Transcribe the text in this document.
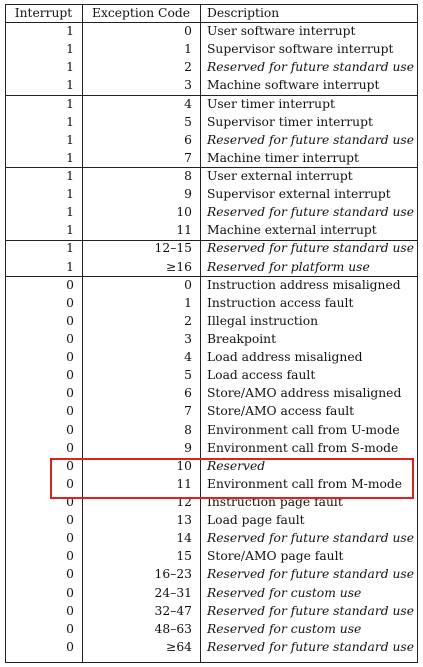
Interrupt	Exception Code	Description
1	0	User software interrupt
1	1	Supervisor software interrupt
1	2	Reserved for future standard use
1	3	Machine software interrupt
1	4	User timer interrupt
1	5	Supervisor timer interrupt
1	6	Reserved for future standard use
1	7	Machine timer interrupt
1	8	User external interrupt
1	9	Supervisor external interrupt
1	10	Reserved for future standard use
1	11	Machine external interrupt
1	12–15	Reserved for future standard use
1	≥16	Reserved for platform use
0	0	Instruction address misaligned
0	1	Instruction access fault
0	2	Illegal instruction
0	3	Breakpoint
0	4	Load address misaligned
0	5	Load access fault
0	6	Store/AMO address misaligned
0	7	Store/AMO access fault
0	8	Environment call from U-mode
0	9	Environment call from S-mode
0	10	Reserved
0	11	Environment call from M-mode
0	12	Instruction page fault
0	13	Load page fault
0	14	Reserved for future standard use
0	15	Store/AMO page fault
0	16–23	Reserved for future standard use
0	24–31	Reserved for custom use
0	32–47	Reserved for future standard use
0	48–63	Reserved for custom use
0	≥64	Reserved for future standard use
